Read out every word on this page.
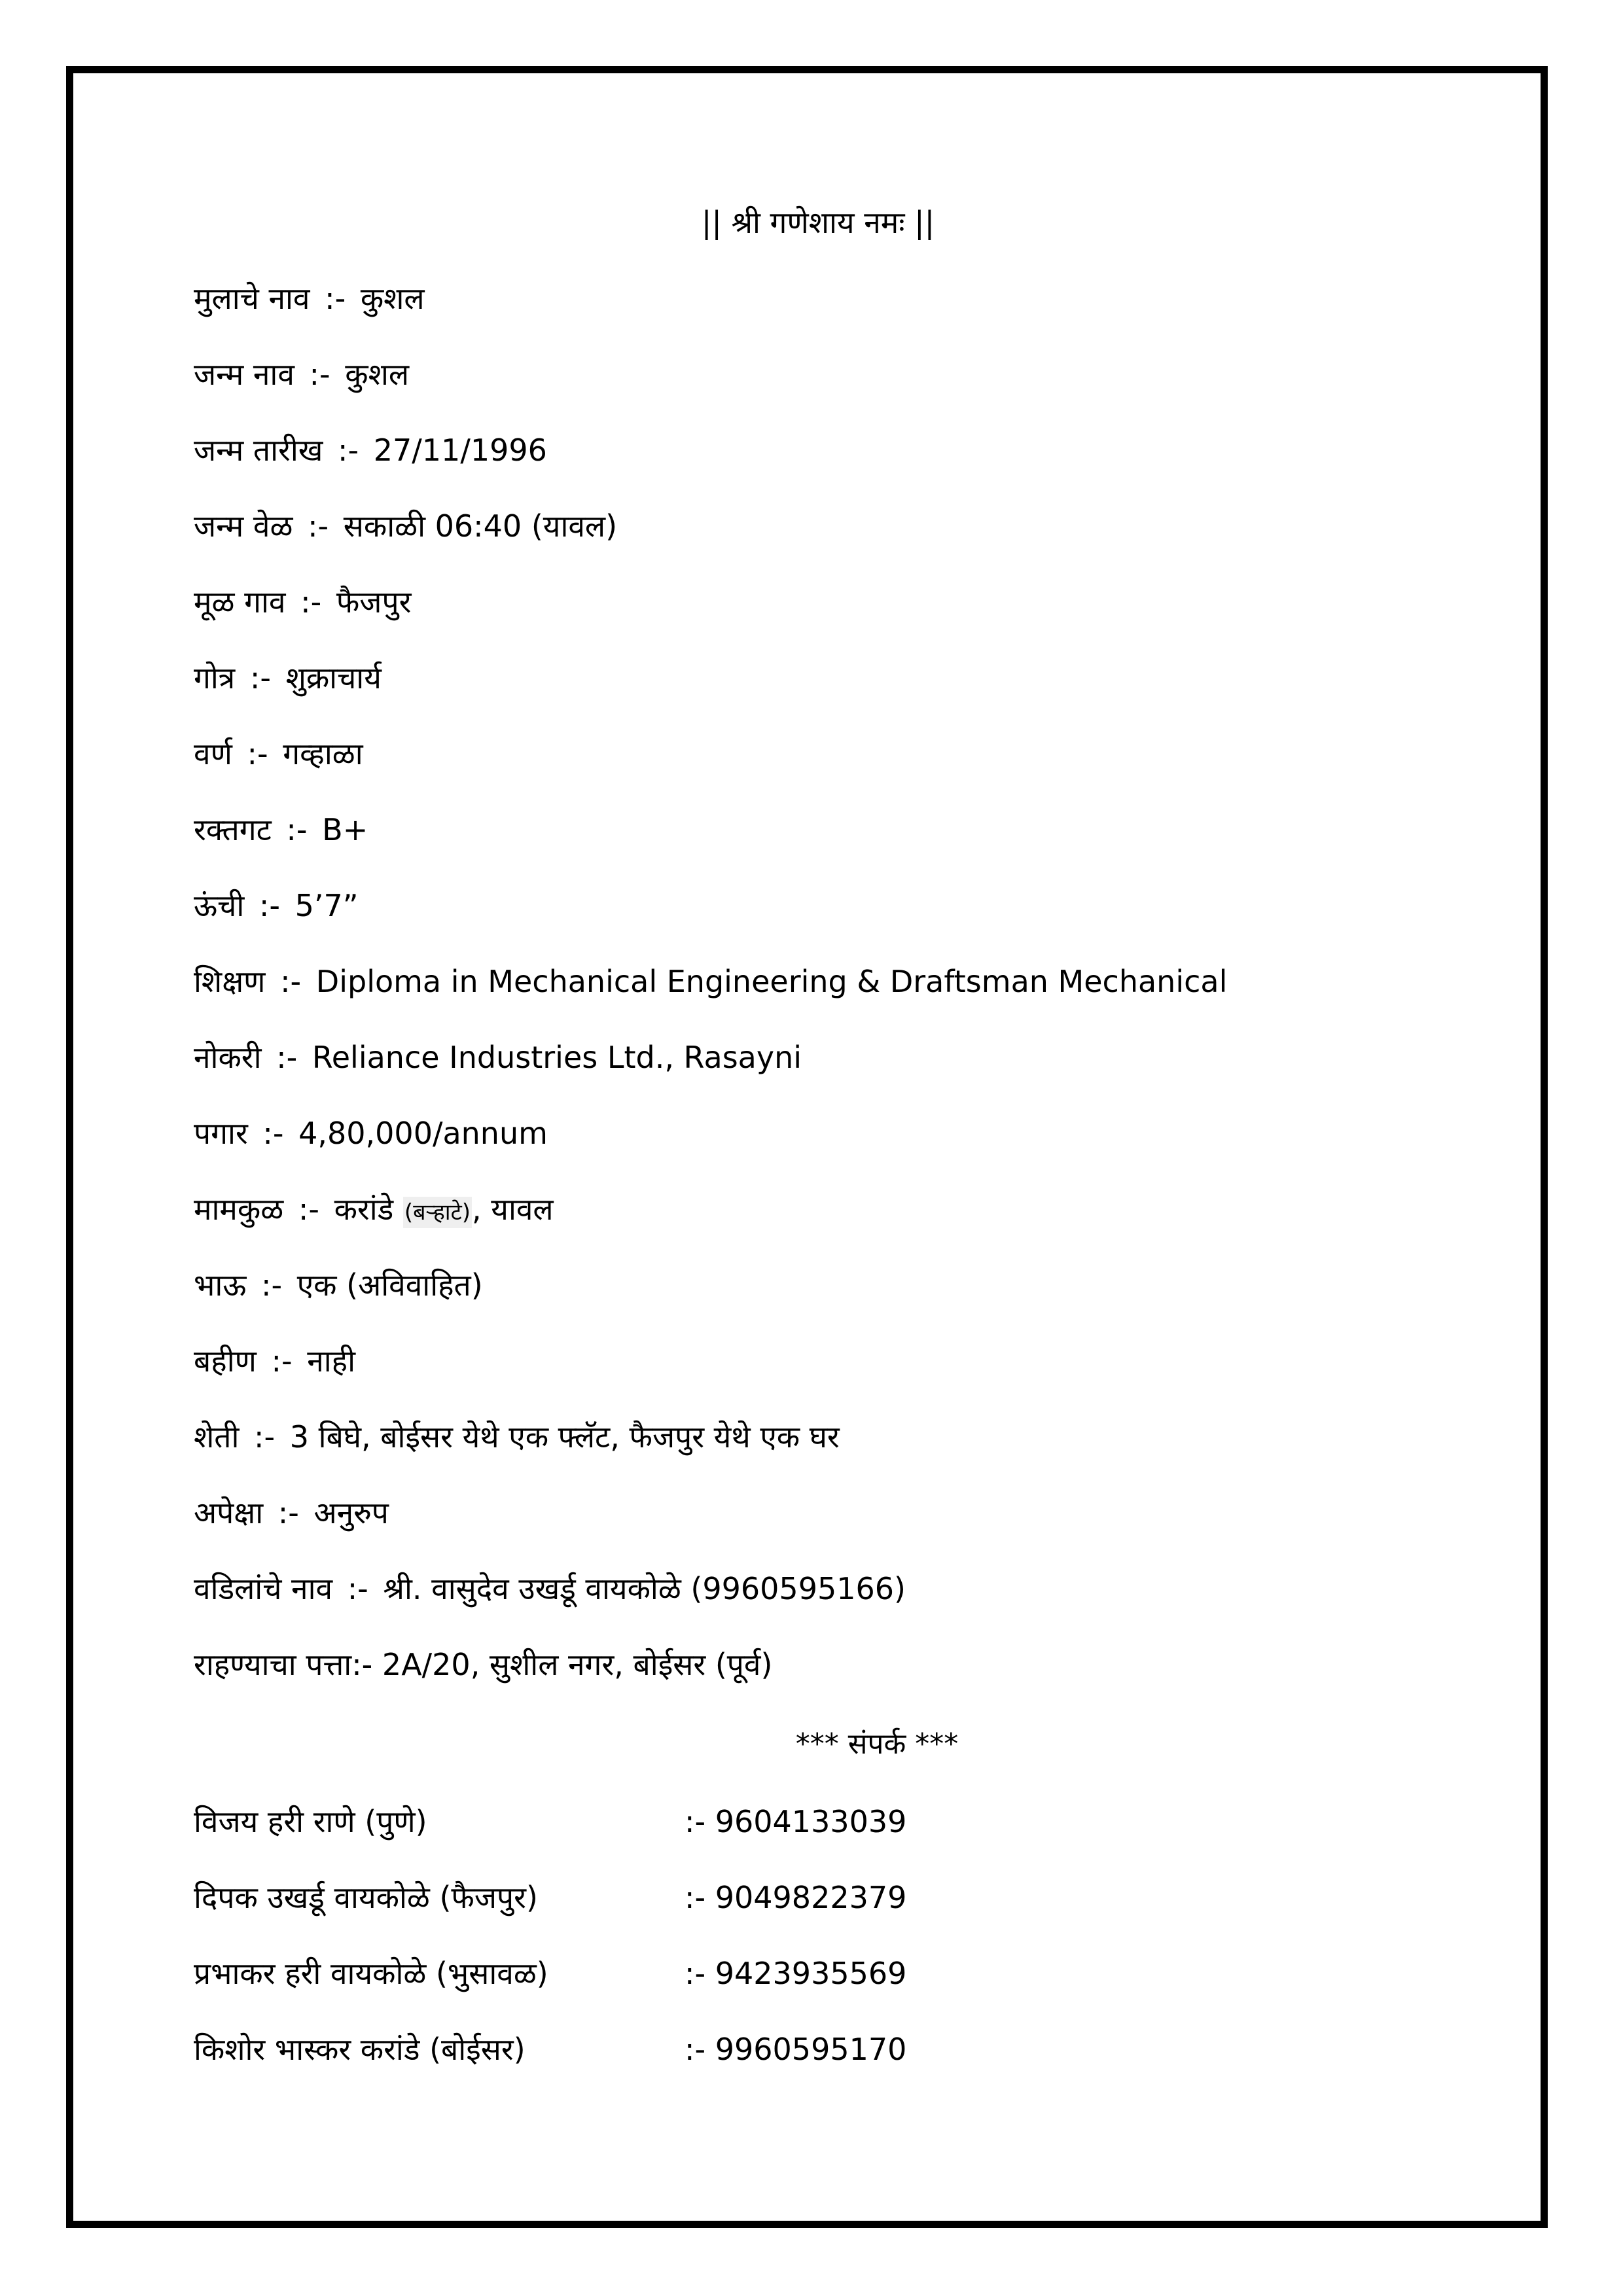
|| श्री गणेशाय नमः ||
मुलाचे नाव :- कुशल
जन्म नाव :- कुशल
जन्म तारीख :- 27/11/1996
जन्म वेळ :- सकाळी 06:40 (यावल)
मूळ गाव :- फैजपुर
गोत्र :- शुक्राचार्य
वर्ण :- गव्हाळा
रक्तगट :- B+
ऊंची :- 5’7”
शिक्षण :- Diploma in Mechanical Engineering & Draftsman Mechanical
नोकरी :- Reliance Industries Ltd., Rasayni
पगार :- 4,80,000/annum
मामकुळ :- करांडे (बऱ्हाटे), यावल
भाऊ :- एक (अविवाहित)
बहीण :- नाही
शेती :- 3 बिघे, बोईसर येथे एक फ्लॅट, फैजपुर येथे एक घर
अपेक्षा :- अनुरुप
वडिलांचे नाव :- श्री. वासुदेव उखर्डू वायकोळे (9960595166)
राहण्याचा पत्ता:- 2A/20, सुशील नगर, बोईसर (पूर्व)
*** संपर्क ***
विजय हरी राणे (पुणे)	:- 9604133039
दिपक उखर्डू वायकोळे (फैजपुर)	:- 9049822379
प्रभाकर हरी वायकोळे (भुसावळ)	:- 9423935569
किशोर भास्कर करांडे (बोईसर)	:- 9960595170
